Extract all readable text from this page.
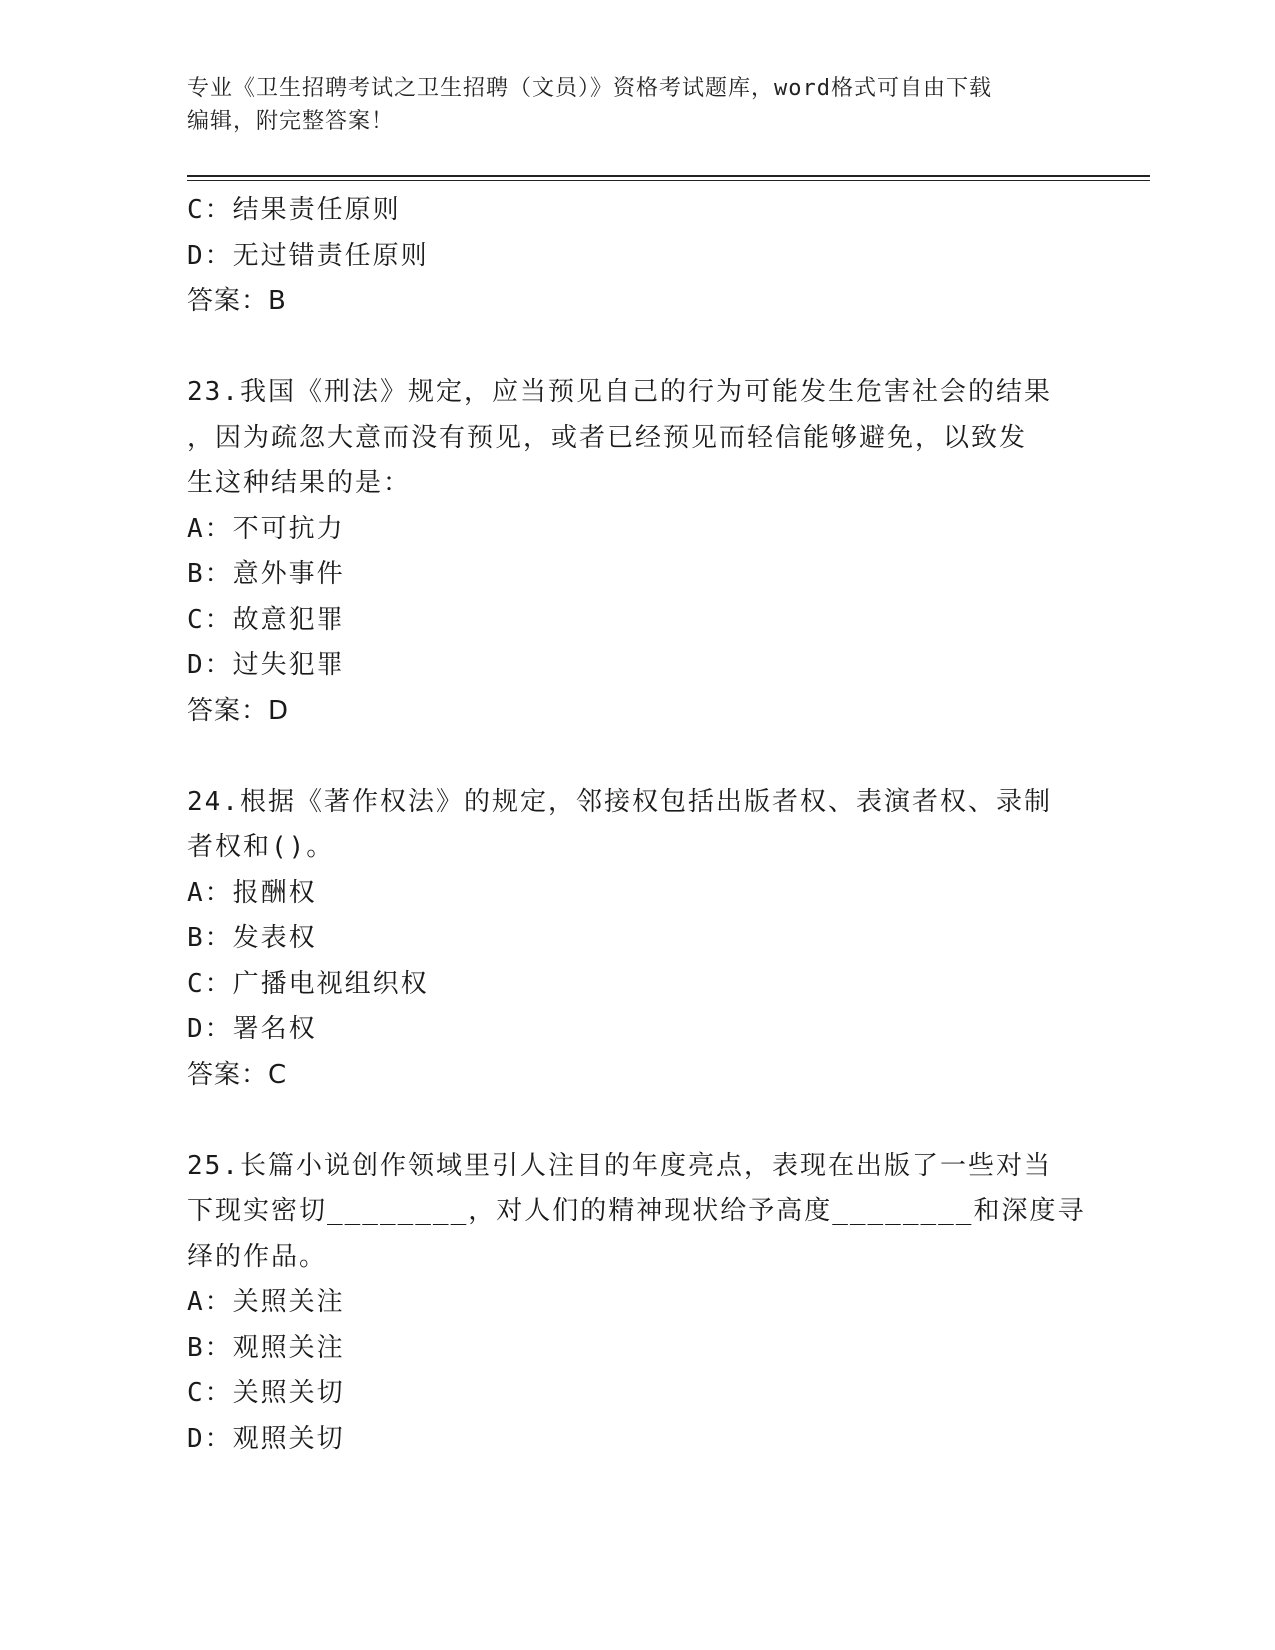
专业《卫生招聘考试之卫生招聘（文员）》资格考试题库，word格式可自由下载
编辑，附完整答案！
C：结果责任原则
D：无过错责任原则
答案：B
23.我国《刑法》规定，应当预见自己的行为可能发生危害社会的结果
，因为疏忽大意而没有预见，或者已经预见而轻信能够避免，以致发
生这种结果的是：
A：不可抗力
B：意外事件
C：故意犯罪
D：过失犯罪
答案：D
24.根据《著作权法》的规定，邻接权包括出版者权、表演者权、录制
者权和()。
A：报酬权
B：发表权
C：广播电视组织权
D：署名权
答案：C
25.长篇小说创作领域里引人注目的年度亮点，表现在出版了一些对当
下现实密切________，对人们的精神现状给予高度________和深度寻
绎的作品。
A：关照关注
B：观照关注
C：关照关切
D：观照关切
